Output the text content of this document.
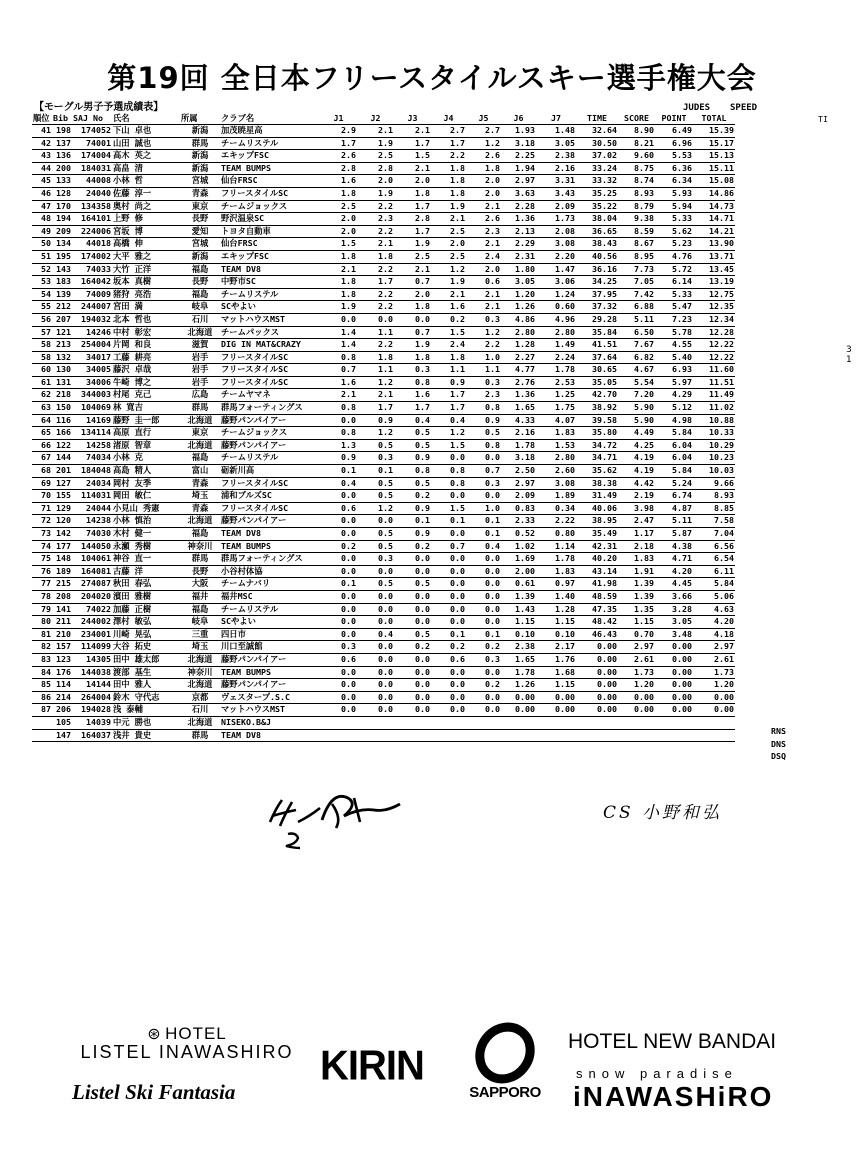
第19回 全日本フリースタイルスキー選手権大会
【モーグル男子予選成績表】	JUDES SPEED
TI
順位	Bib	SAJ No	氏名	所属	クラブ名	J1	J2	J3	J4	J5	J6	J7	TIME	SCORE	POINT	TOTAL
41	198	174052	下山 卓也	新潟	加茂暁星高	2.9	2.1	2.1	2.7	2.7	1.93	1.48	32.64	8.90	6.49	15.39
42	137	74001	山田 誠也	群馬	チームリステル	1.7	1.9	1.7	1.7	1.2	3.18	3.05	30.50	8.21	6.96	15.17
43	136	174004	高木 英之	新潟	エキップFSC	2.6	2.5	1.5	2.2	2.6	2.25	2.38	37.02	9.60	5.53	15.13
44	200	184031	高畠 清	新潟	TEAM BUMPS	2.8	2.8	2.1	1.8	1.8	1.94	2.16	33.24	8.75	6.36	15.11
45	133	44008	小林 哲	宮城	仙台FRSC	1.6	2.0	2.0	1.8	2.0	2.97	3.31	33.32	8.74	6.34	15.08
46	128	24040	佐藤 淳一	青森	フリースタイルSC	1.8	1.9	1.8	1.8	2.0	3.63	3.43	35.25	8.93	5.93	14.86
47	170	134358	奥村 尚之	東京	チームジョックス	2.5	2.2	1.7	1.9	2.1	2.28	2.09	35.22	8.79	5.94	14.73
48	194	164101	上野 修	長野	野沢温泉SC	2.0	2.3	2.8	2.1	2.6	1.36	1.73	38.04	9.38	5.33	14.71
49	209	224006	宮坂 博	愛知	トヨタ自動車	2.0	2.2	1.7	2.5	2.3	2.13	2.08	36.65	8.59	5.62	14.21
50	134	44018	高橋 伸	宮城	仙台FRSC	1.5	2.1	1.9	2.0	2.1	2.29	3.08	38.43	8.67	5.23	13.90
51	195	174002	大平 雅之	新潟	エキップFSC	1.8	1.8	2.5	2.5	2.4	2.31	2.20	40.56	8.95	4.76	13.71
52	143	74033	大竹 正洋	福島	TEAM DV8	2.1	2.2	2.1	1.2	2.0	1.80	1.47	36.16	7.73	5.72	13.45
53	183	164042	坂本 真樹	長野	中野市SC	1.8	1.7	0.7	1.9	0.6	3.05	3.06	34.25	7.05	6.14	13.19
54	139	74009	猪狩 亮浩	福島	チームリステル	1.8	2.2	2.0	2.1	2.1	1.20	1.24	37.95	7.42	5.33	12.75
55	212	244007	宮田 満	岐阜	SCやよい	1.9	2.2	1.8	1.6	2.1	1.26	0.60	37.32	6.88	5.47	12.35
56	207	194032	北本 哲也	石川	マットハウスMST	0.0	0.0	0.0	0.2	0.3	4.86	4.96	29.28	5.11	7.23	12.34
57	121	14246	中村 彰宏	北海道	チームパックス	1.4	1.1	0.7	1.5	1.2	2.80	2.80	35.84	6.50	5.78	12.28
58	213	254004	片岡 和良	滋賀	DIG IN MAT&CRAZY	1.4	2.2	1.9	2.4	2.2	1.28	1.49	41.51	7.67	4.55	12.22
58	132	34017	工藤 耕亮	岩手	フリースタイルSC	0.8	1.8	1.8	1.8	1.0	2.27	2.24	37.64	6.82	5.40	12.22
60	130	34005	藤沢 卓哉	岩手	フリースタイルSC	0.7	1.1	0.3	1.1	1.1	4.77	1.78	30.65	4.67	6.93	11.60
61	131	34006	牛崎 博之	岩手	フリースタイルSC	1.6	1.2	0.8	0.9	0.3	2.76	2.53	35.05	5.54	5.97	11.51
62	218	344003	村尾 克己	広島	チームヤマネ	2.1	2.1	1.6	1.7	2.3	1.36	1.25	42.70	7.20	4.29	11.49
63	150	104069	林 寛吉	群馬	群馬フォーティングス	0.8	1.7	1.7	1.7	0.8	1.65	1.75	38.92	5.90	5.12	11.02
64	116	14169	藤野 圭一郎	北海道	藤野パンパイアー	0.0	0.9	0.4	0.4	0.9	4.33	4.07	39.58	5.90	4.98	10.88
65	166	134114	高原 直行	東京	チームジョックス	0.8	1.2	0.5	1.2	0.5	2.16	1.83	35.80	4.49	5.84	10.33
66	122	14258	渚原 智章	北海道	藤野パンパイアー	1.3	0.5	0.5	1.5	0.8	1.78	1.53	34.72	4.25	6.04	10.29
67	144	74034	小林 克	福島	チームリステル	0.9	0.3	0.9	0.0	0.0	3.18	2.80	34.71	4.19	6.04	10.23
68	201	184048	高島 精人	富山	砺新川高	0.1	0.1	0.8	0.8	0.7	2.50	2.60	35.62	4.19	5.84	10.03
69	127	24034	岡村 友季	青森	フリースタイルSC	0.4	0.5	0.5	0.8	0.3	2.97	3.08	38.38	4.42	5.24	9.66
70	155	114031	岡田 敏仁	埼玉	浦和ブルズSC	0.0	0.5	0.2	0.0	0.0	2.09	1.89	31.49	2.19	6.74	8.93
71	129	24044	小見山 秀憲	青森	フリースタイルSC	0.6	1.2	0.9	1.5	1.0	0.83	0.34	40.06	3.98	4.87	8.85
72	120	14238	小林 慎治	北海道	藤野パンパイアー	0.0	0.0	0.1	0.1	0.1	2.33	2.22	38.95	2.47	5.11	7.58
73	142	74030	木村 健一	福島	TEAM DV8	0.0	0.5	0.9	0.0	0.1	0.52	0.80	35.49	1.17	5.87	7.04
74	177	144050	永瀬 秀樹	神奈川	TEAM BUMPS	0.2	0.5	0.2	0.7	0.4	1.02	1.14	42.31	2.18	4.38	6.56
75	148	104061	神谷 直一	群馬	群馬フォーティングス	0.0	0.3	0.0	0.0	0.0	1.69	1.78	40.20	1.83	4.71	6.54
76	189	164081	古藤 洋	長野	小谷村体協	0.0	0.0	0.0	0.0	0.0	2.00	1.83	43.14	1.91	4.20	6.11
77	215	274087	秋田 春弘	大阪	チームナバリ	0.1	0.5	0.5	0.0	0.0	0.61	0.97	41.98	1.39	4.45	5.84
78	208	204020	濱田 雅樹	福井	福井MSC	0.0	0.0	0.0	0.0	0.0	1.39	1.40	48.59	1.39	3.66	5.06
79	141	74022	加藤 正樹	福島	チームリステル	0.0	0.0	0.0	0.0	0.0	1.43	1.28	47.35	1.35	3.28	4.63
80	211	244002	澤村 敏弘	岐阜	SCやよい	0.0	0.0	0.0	0.0	0.0	1.15	1.15	48.42	1.15	3.05	4.20
81	210	234001	川崎 晃弘	三重	四日市	0.0	0.4	0.5	0.1	0.1	0.10	0.10	46.43	0.70	3.48	4.18
82	157	114099	大谷 拓史	埼玉	川口至誠館	0.3	0.0	0.2	0.2	0.2	2.38	2.17	0.00	2.97	0.00	2.97
83	123	14305	田中 雄太郎	北海道	藤野パンパイアー	0.6	0.0	0.0	0.6	0.3	1.65	1.76	0.00	2.61	0.00	2.61
84	176	144038	渡部 基生	神奈川	TEAM BUMPS	0.0	0.0	0.0	0.0	0.0	1.78	1.68	0.00	1.73	0.00	1.73
85	114	14144	田中 雅人	北海道	藤野パンパイアー	0.0	0.0	0.0	0.0	0.2	1.26	1.15	0.00	1.20	0.00	1.20
86	214	264004	鈴木 守代志	京都	ヴェスタープ.S.C	0.0	0.0	0.0	0.0	0.0	0.00	0.00	0.00	0.00	0.00	0.00
87	206	194028	浅 泰輔	石川	マットハウスMST	0.0	0.0	0.0	0.0	0.0	0.00	0.00	0.00	0.00	0.00	0.00
	105	14039	中元 勝也	北海道	NISEKO.B&J											
	147	164037	浅井 貴史	群馬	TEAM DV8												RNS
DNS
DSQ
3
1
CS 小野和弘
⊛ HOTEL
LISTEL INAWASHIRO
Listel Ski Fantasia
KIRIN
SAPPORO
HOTEL NEW BANDAI
snow paradise
iNAWASHiRO
